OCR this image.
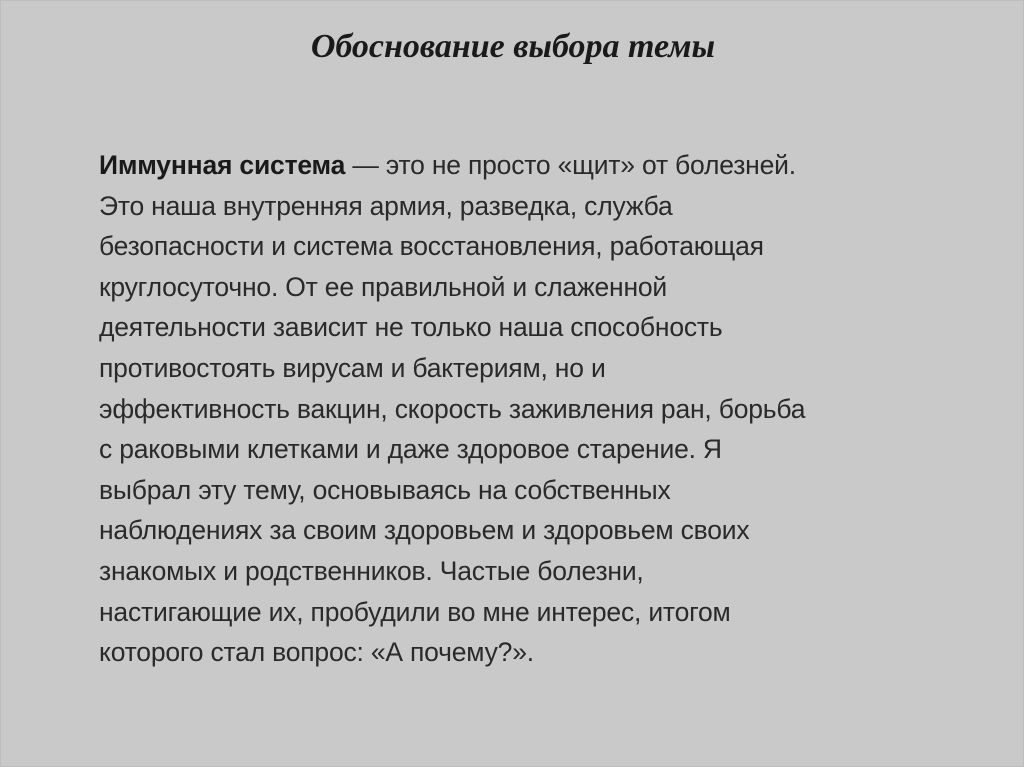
Обоснование выбора темы
Иммунная система — это не просто «щит» от болезней.
Это наша внутренняя армия, разведка, служба
безопасности и система восстановления, работающая
круглосуточно. От ее правильной и слаженной
деятельности зависит не только наша способность
противостоять вирусам и бактериям, но и
эффективность вакцин, скорость заживления ран, борьба
с раковыми клетками и даже здоровое старение. Я
выбрал эту тему, основываясь на собственных
наблюдениях за своим здоровьем и здоровьем своих
знакомых и родственников. Частые болезни,
настигающие их, пробудили во мне интерес, итогом
которого стал вопрос: «А почему?».
